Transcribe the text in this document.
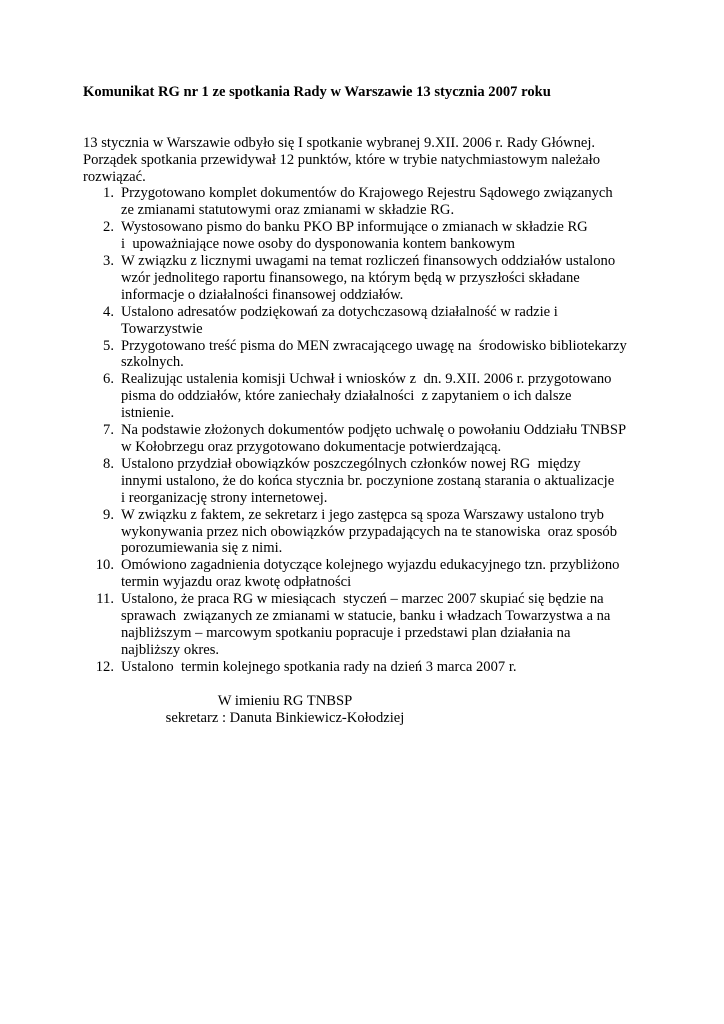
Komunikat RG nr 1 ze spotkania Rady w Warszawie 13 stycznia 2007 roku
13 stycznia w Warszawie odbyło się I spotkanie wybranej 9.XII. 2006 r. Rady Głównej.
Porządek spotkania przewidywał 12 punktów, które w trybie natychmiastowym należało
rozwiązać.
1. Przygotowano komplet dokumentów do Krajowego Rejestru Sądowego związanych
ze zmianami statutowymi oraz zmianami w składzie RG.
2. Wystosowano pismo do banku PKO BP informujące o zmianach w składzie RG
i  upoważniające nowe osoby do dysponowania kontem bankowym
3. W związku z licznymi uwagami na temat rozliczeń finansowych oddziałów ustalono
wzór jednolitego raportu finansowego, na którym będą w przyszłości składane
informacje o działalności finansowej oddziałów.
4. Ustalono adresatów podziękowań za dotychczasową działalność w radzie i
Towarzystwie
5. Przygotowano treść pisma do MEN zwracającego uwagę na  środowisko bibliotekarzy
szkolnych.
6. Realizując ustalenia komisji Uchwał i wniosków z  dn. 9.XII. 2006 r. przygotowano
pisma do oddziałów, które zaniechały działalności  z zapytaniem o ich dalsze
istnienie.
7. Na podstawie złożonych dokumentów podjęto uchwalę o powołaniu Oddziału TNBSP
w Kołobrzegu oraz przygotowano dokumentacje potwierdzającą.
8. Ustalono przydział obowiązków poszczególnych członków nowej RG  między
innymi ustalono, że do końca stycznia br. poczynione zostaną starania o aktualizacje
i reorganizację strony internetowej.
9. W związku z faktem, ze sekretarz i jego zastępca są spoza Warszawy ustalono tryb
wykonywania przez nich obowiązków przypadających na te stanowiska  oraz sposób
porozumiewania się z nimi.
10. Omówiono zagadnienia dotyczące kolejnego wyjazdu edukacyjnego tzn. przybliżono
termin wyjazdu oraz kwotę odpłatności
11. Ustalono, że praca RG w miesiącach  styczeń – marzec 2007 skupiać się będzie na
sprawach  związanych ze zmianami w statucie, banku i władzach Towarzystwa a na
najbliższym – marcowym spotkaniu popracuje i przedstawi plan działania na
najbliższy okres.
12. Ustalono  termin kolejnego spotkania rady na dzień 3 marca 2007 r.
W imieniu RG TNBSP
sekretarz : Danuta Binkiewicz-Kołodziej
